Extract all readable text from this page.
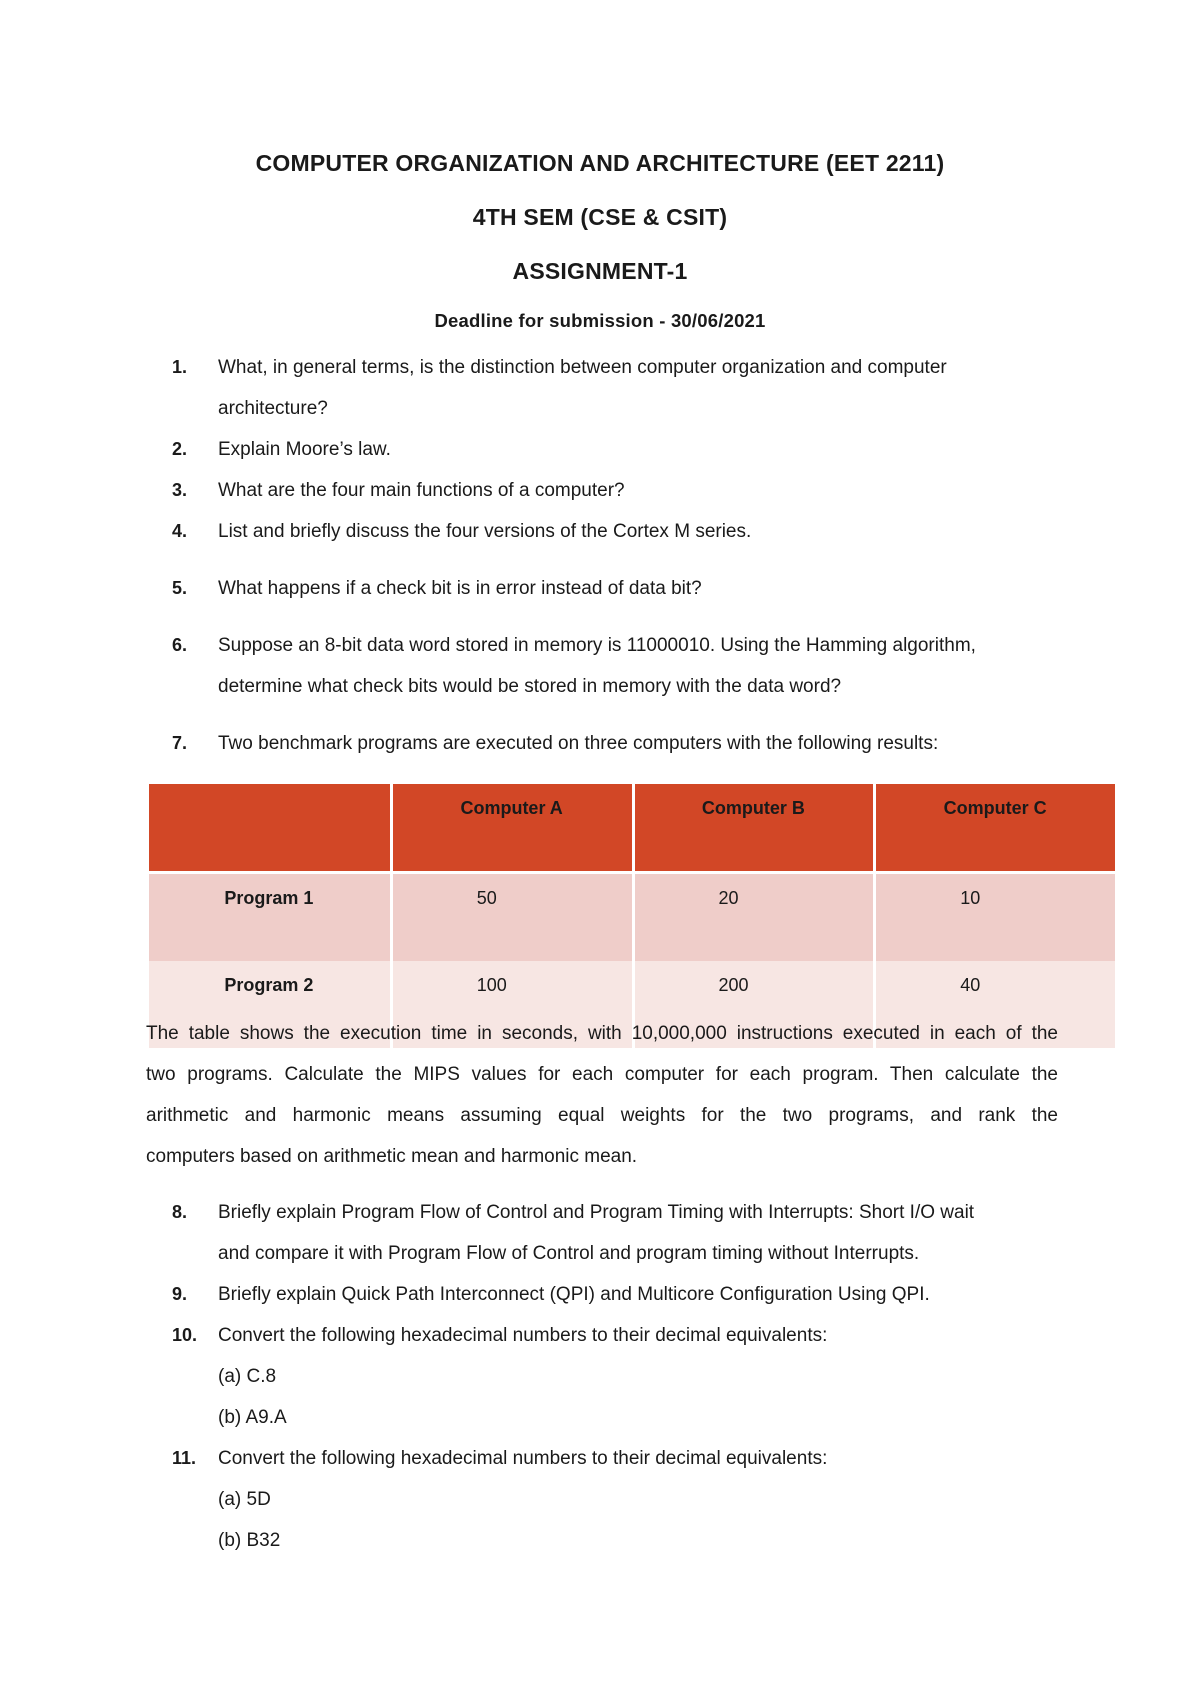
COMPUTER ORGANIZATION AND ARCHITECTURE (EET 2211)
4TH SEM (CSE & CSIT)
ASSIGNMENT-1
Deadline for submission - 30/06/2021
1.	What, in general terms, is the distinction between computer organization and computer
architecture?
2.	Explain Moore’s law.
3.	What are the four main functions of a computer?
4.	List and briefly discuss the four versions of the Cortex M series.
5.	What happens if a check bit is in error instead of data bit?
6.	Suppose an 8-bit data word stored in memory is 11000010. Using the Hamming algorithm,
determine what check bits would be stored in memory with the data word?
7.	Two benchmark programs are executed on three computers with the following results:
	Computer A	Computer B	Computer C
Program 1	50	20	10
Program 2	100	200	40
The table shows the execution time in seconds, with 10,000,000 instructions executed in each of the
two programs. Calculate the MIPS values for each computer for each program. Then calculate the
arithmetic and harmonic means assuming equal weights for the two programs, and rank the
computers based on arithmetic mean and harmonic mean.
8.	Briefly explain Program Flow of Control and Program Timing with Interrupts: Short I/O wait
and compare it with Program Flow of Control and program timing without Interrupts.
9.	Briefly explain Quick Path Interconnect (QPI) and Multicore Configuration Using QPI.
10.	Convert the following hexadecimal numbers to their decimal equivalents:
(a) C.8
(b) A9.A
11.	Convert the following hexadecimal numbers to their decimal equivalents:
(a) 5D
(b) B32
